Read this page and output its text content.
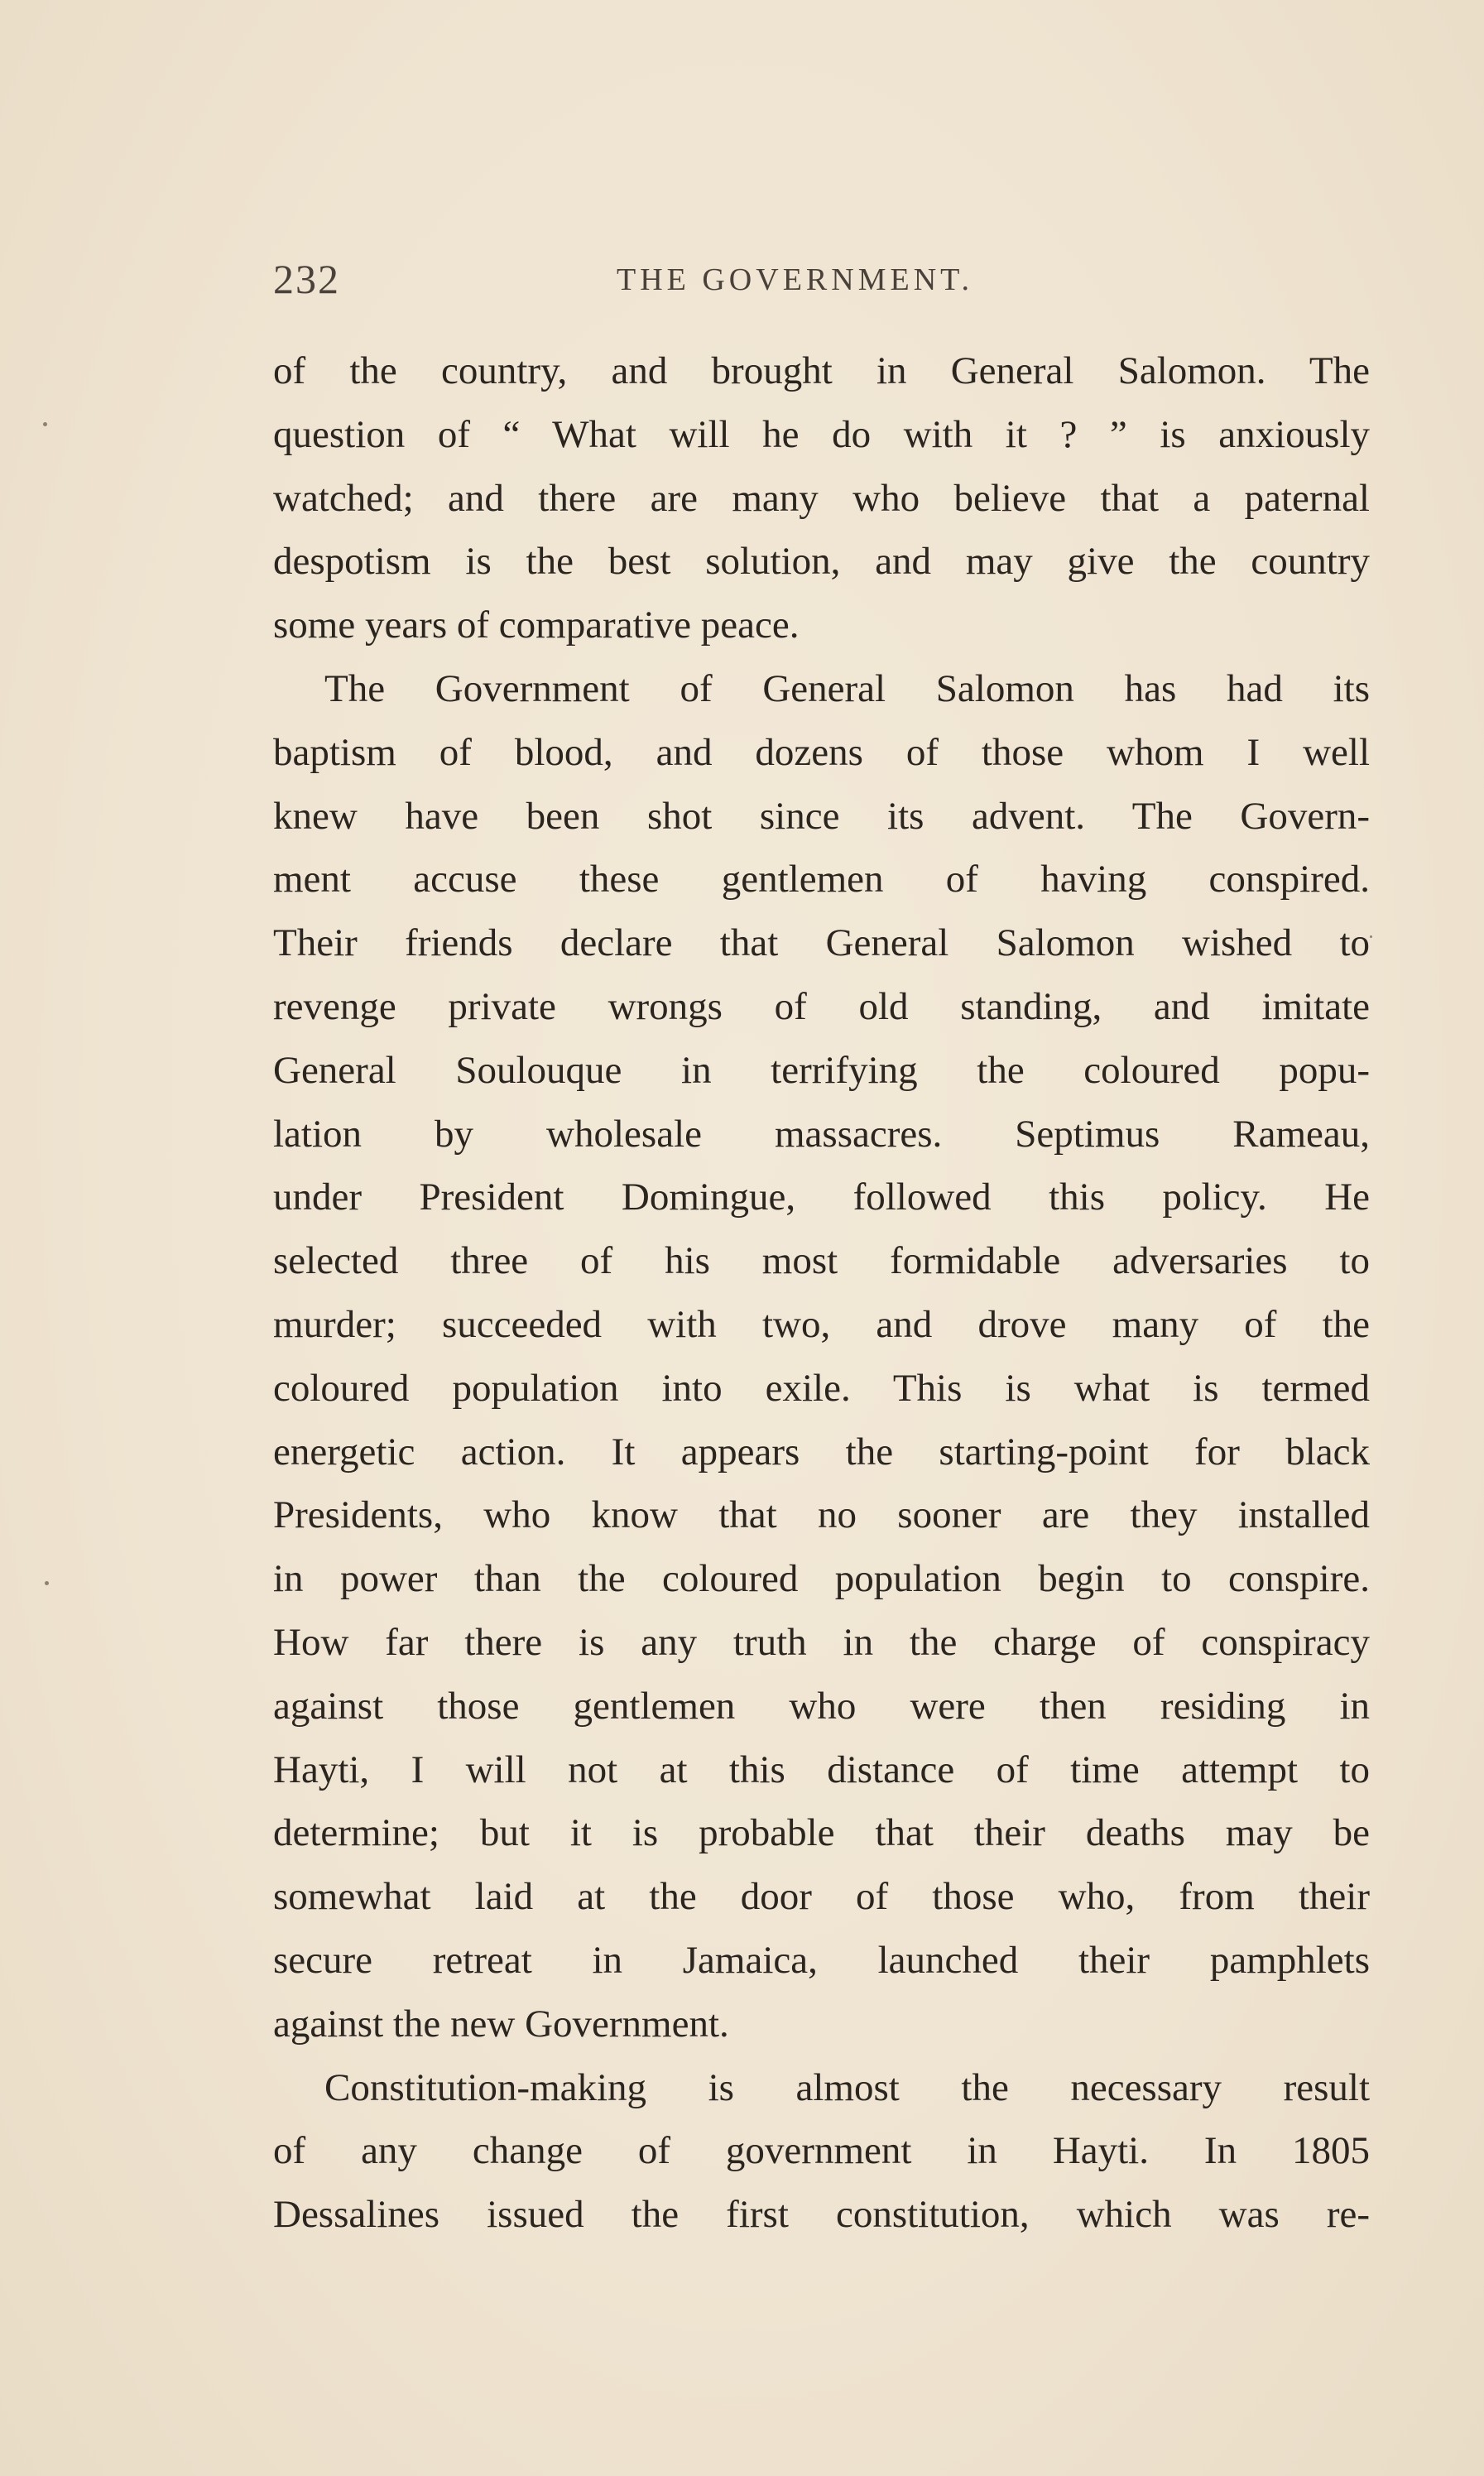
232	THE GOVERNMENT.
of the country, and brought in General Salomon. The
question of “ What will he do with it ? ” is anxiously
watched; and there are many who believe that a paternal
despotism is the best solution, and may give the country
some years of comparative peace.
The Government of General Salomon has had its
baptism of blood, and dozens of those whom I well
knew have been shot since its advent. The Govern-
ment accuse these gentlemen of having conspired.
Their friends declare that General Salomon wished to
revenge private wrongs of old standing, and imitate
General Soulouque in terrifying the coloured popu-
lation by wholesale massacres. Septimus Rameau,
under President Domingue, followed this policy. He
selected three of his most formidable adversaries to
murder; succeeded with two, and drove many of the
coloured population into exile. This is what is termed
energetic action. It appears the starting-point for black
Presidents, who know that no sooner are they installed
in power than the coloured population begin to conspire.
How far there is any truth in the charge of conspiracy
against those gentlemen who were then residing in
Hayti, I will not at this distance of time attempt to
determine; but it is probable that their deaths may be
somewhat laid at the door of those who, from their
secure retreat in Jamaica, launched their pamphlets
against the new Government.
Constitution-making is almost the necessary result
of any change of government in Hayti. In 1805
Dessalines issued the first constitution, which was re-
